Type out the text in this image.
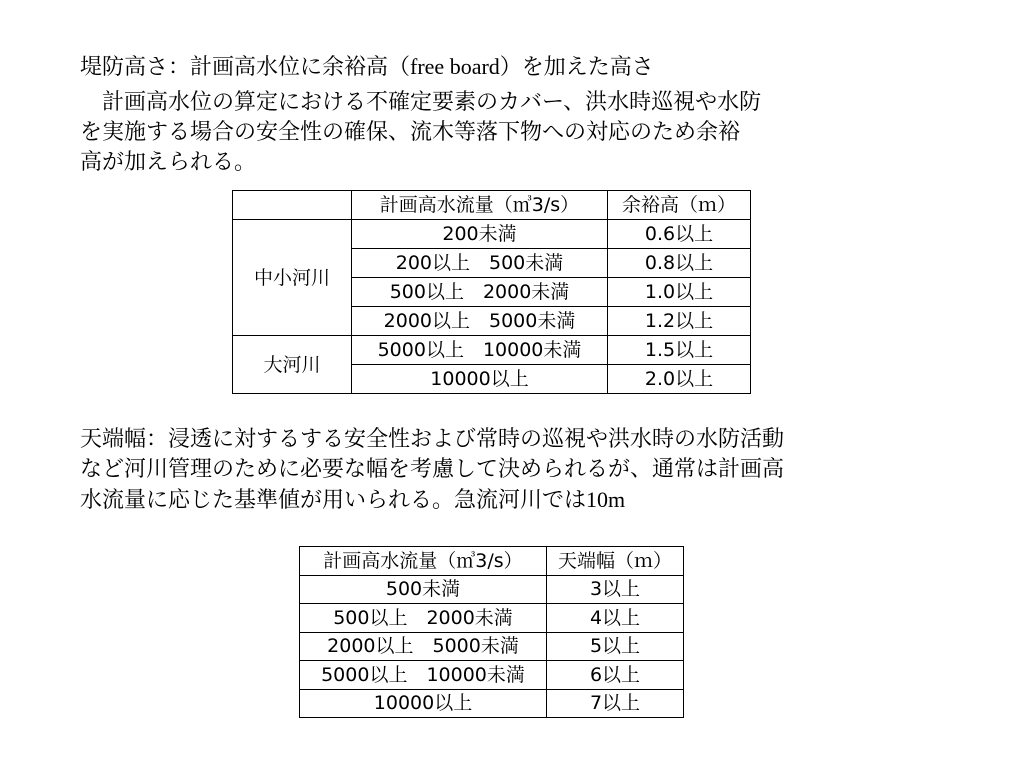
堤防高さ：計画高水位に余裕高（free board）を加えた高さ

　計画高水位の算定における不確定要素のカバー、洪水時巡視や水防
を実施する場合の安全性の確保、流木等落下物への対応のため余裕
高が加えられる。

	計画高水流量（㎥3/s）	余裕高（ｍ）
中小河川	200未満	0.6以上
	200以上　500未満	0.8以上
	500以上　2000未満	1.0以上
	2000以上　5000未満	1.2以上
大河川	5000以上　10000未満	1.5以上
	10000以上	2.0以上

天端幅：浸透に対するする安全性および常時の巡視や洪水時の水防活動
など河川管理のために必要な幅を考慮して決められるが、通常は計画高
水流量に応じた基準値が用いられる。急流河川では10m

計画高水流量（㎥3/s）	天端幅（ｍ）
500未満	3以上
500以上　2000未満	4以上
2000以上　5000未満	5以上
5000以上　10000未満	6以上
10000以上	7以上
